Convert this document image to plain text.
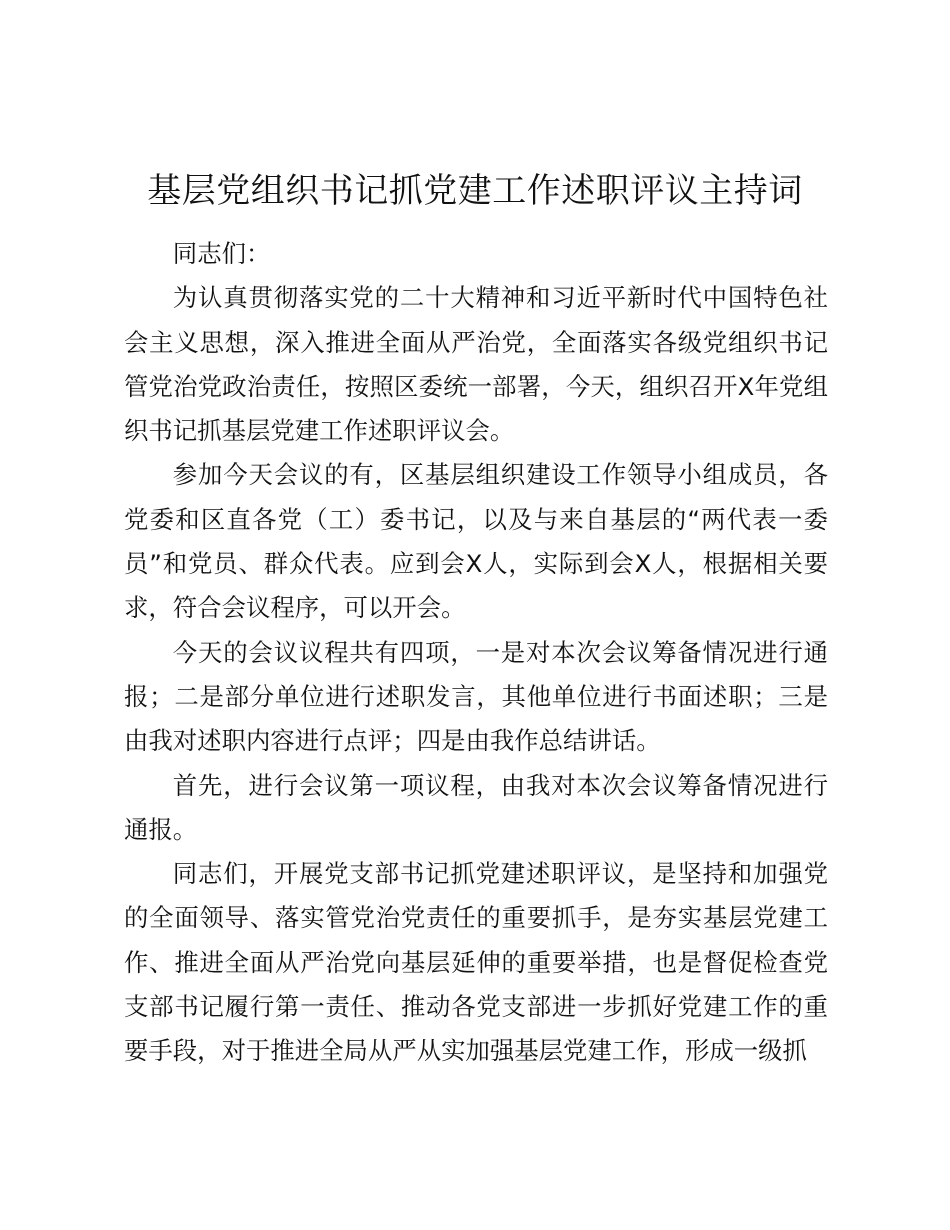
基层党组织书记抓党建工作述职评议主持词

同志们：

为认真贯彻落实党的二十大精神和习近平新时代中国特色社会主义思想，深入推进全面从严治党，全面落实各级党组织书记管党治党政治责任，按照区委统一部署，今天，组织召开X年党组织书记抓基层党建工作述职评议会。

参加今天会议的有，区基层组织建设工作领导小组成员，各党委和区直各党（工）委书记，以及与来自基层的“两代表一委员”和党员、群众代表。应到会X人，实际到会X人，根据相关要求，符合会议程序，可以开会。

今天的会议议程共有四项，一是对本次会议筹备情况进行通报；二是部分单位进行述职发言，其他单位进行书面述职；三是由我对述职内容进行点评；四是由我作总结讲话。

首先，进行会议第一项议程，由我对本次会议筹备情况进行通报。

同志们，开展党支部书记抓党建述职评议，是坚持和加强党的全面领导、落实管党治党责任的重要抓手，是夯实基层党建工作、推进全面从严治党向基层延伸的重要举措，也是督促检查党支部书记履行第一责任、推动各党支部进一步抓好党建工作的重要手段，对于推进全局从严从实加强基层党建工作，形成一级抓
